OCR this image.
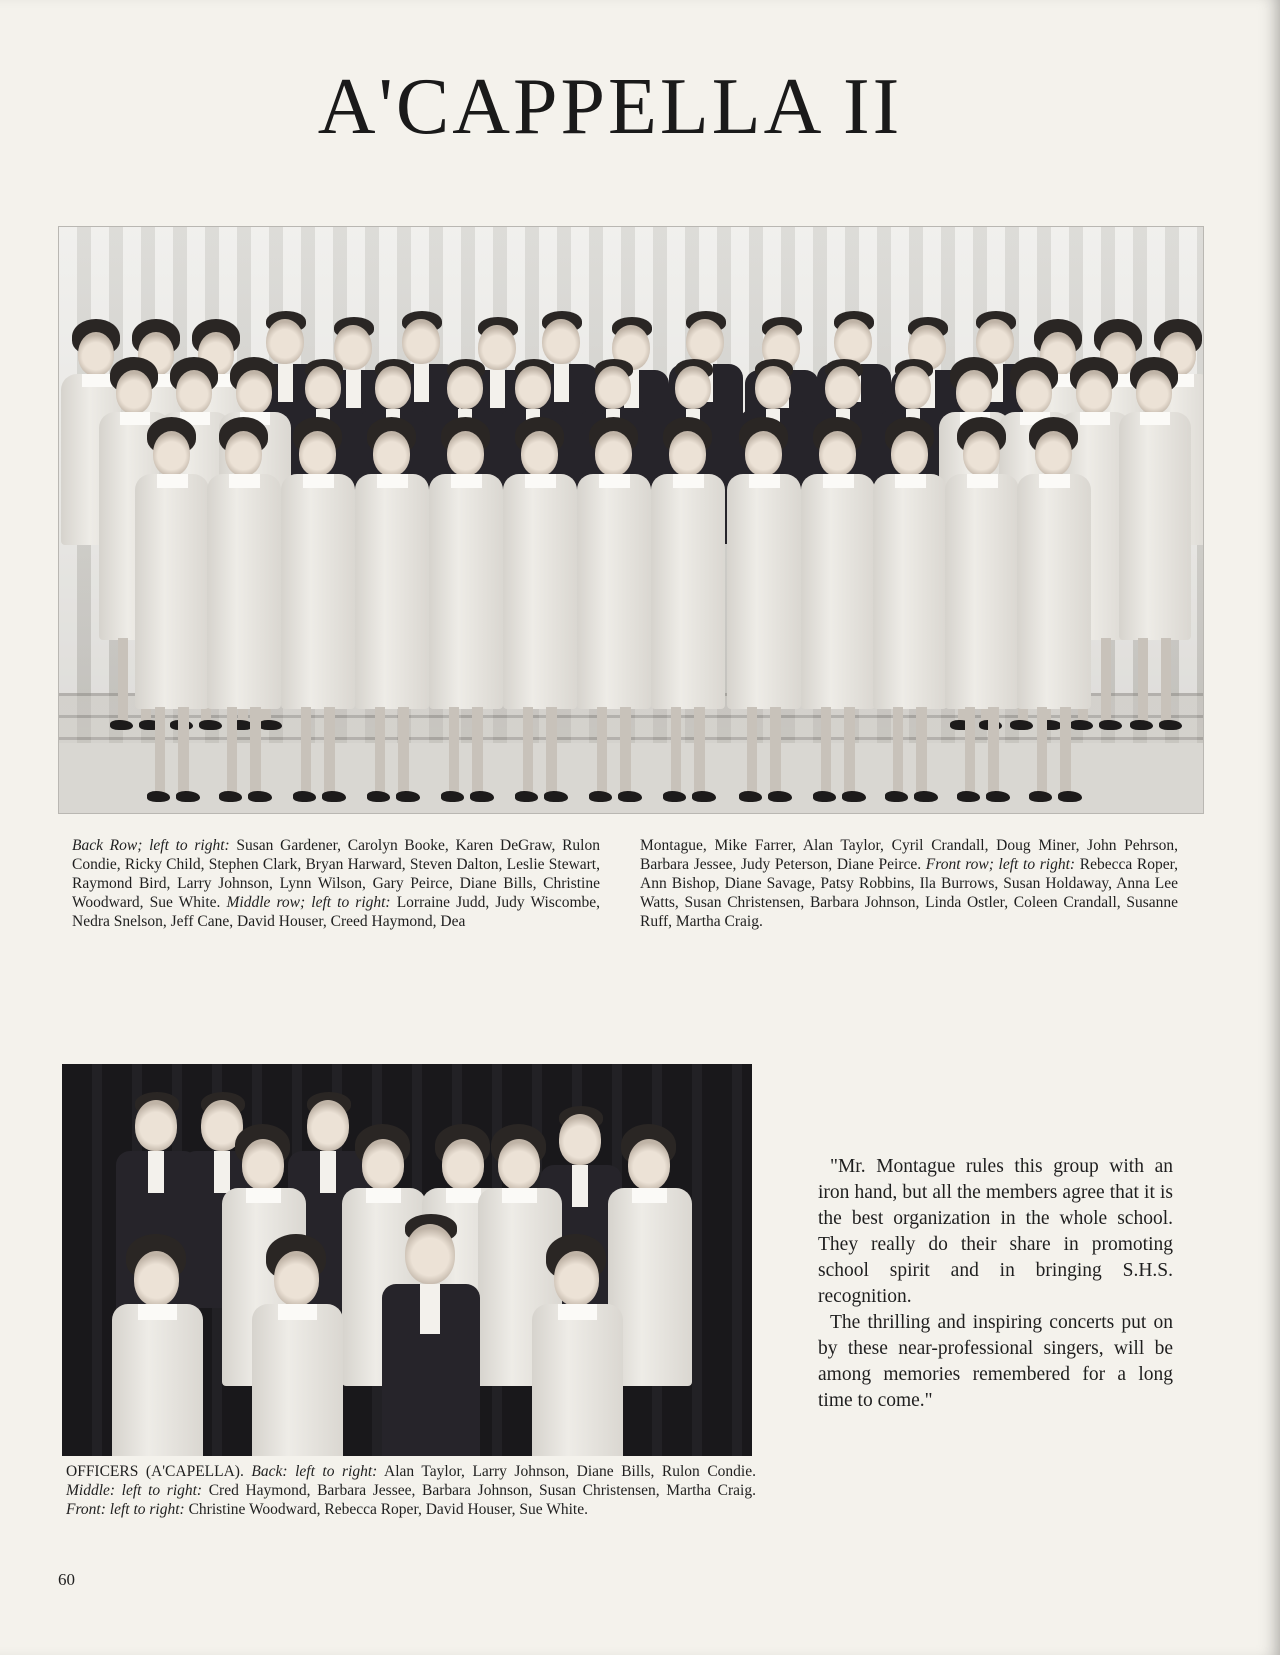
A'CAPPELLA II
Back Row; left to right: Susan Gardener, Carolyn Booke, Karen DeGraw, Rulon Condie, Ricky Child, Stephen Clark, Bryan Harward, Steven Dalton, Leslie Stewart, Raymond Bird, Larry Johnson, Lynn Wilson, Gary Peirce, Diane Bills, Christine Woodward, Sue White. Middle row; left to right: Lorraine Judd, Judy Wiscombe, Nedra Snelson, Jeff Cane, David Houser, Creed Haymond, Dea
Montague, Mike Farrer, Alan Taylor, Cyril Crandall, Doug Miner, John Pehrson, Barbara Jessee, Judy Peterson, Diane Peirce. Front row; left to right: Rebecca Roper, Ann Bishop, Diane Savage, Patsy Robbins, Ila Burrows, Susan Holdaway, Anna Lee Watts, Susan Christensen, Barbara Johnson, Linda Ostler, Coleen Crandall, Susanne Ruff, Martha Craig.

"Mr. Montague rules this group with an iron hand, but all the members agree that it is the best organization in the whole school. They really do their share in promoting school spirit and in bringing S.H.S. recognition.

The thrilling and inspiring concerts put on by these near-professional singers, will be among memories remembered for a long time to come."

OFFICERS (A'CAPELLA). Back: left to right: Alan Taylor, Larry Johnson, Diane Bills, Rulon Condie. Middle: left to right: Cred Haymond, Barbara Jessee, Barbara Johnson, Susan Christensen, Martha Craig. Front: left to right: Christine Woodward, Rebecca Roper, David Houser, Sue White.
60
